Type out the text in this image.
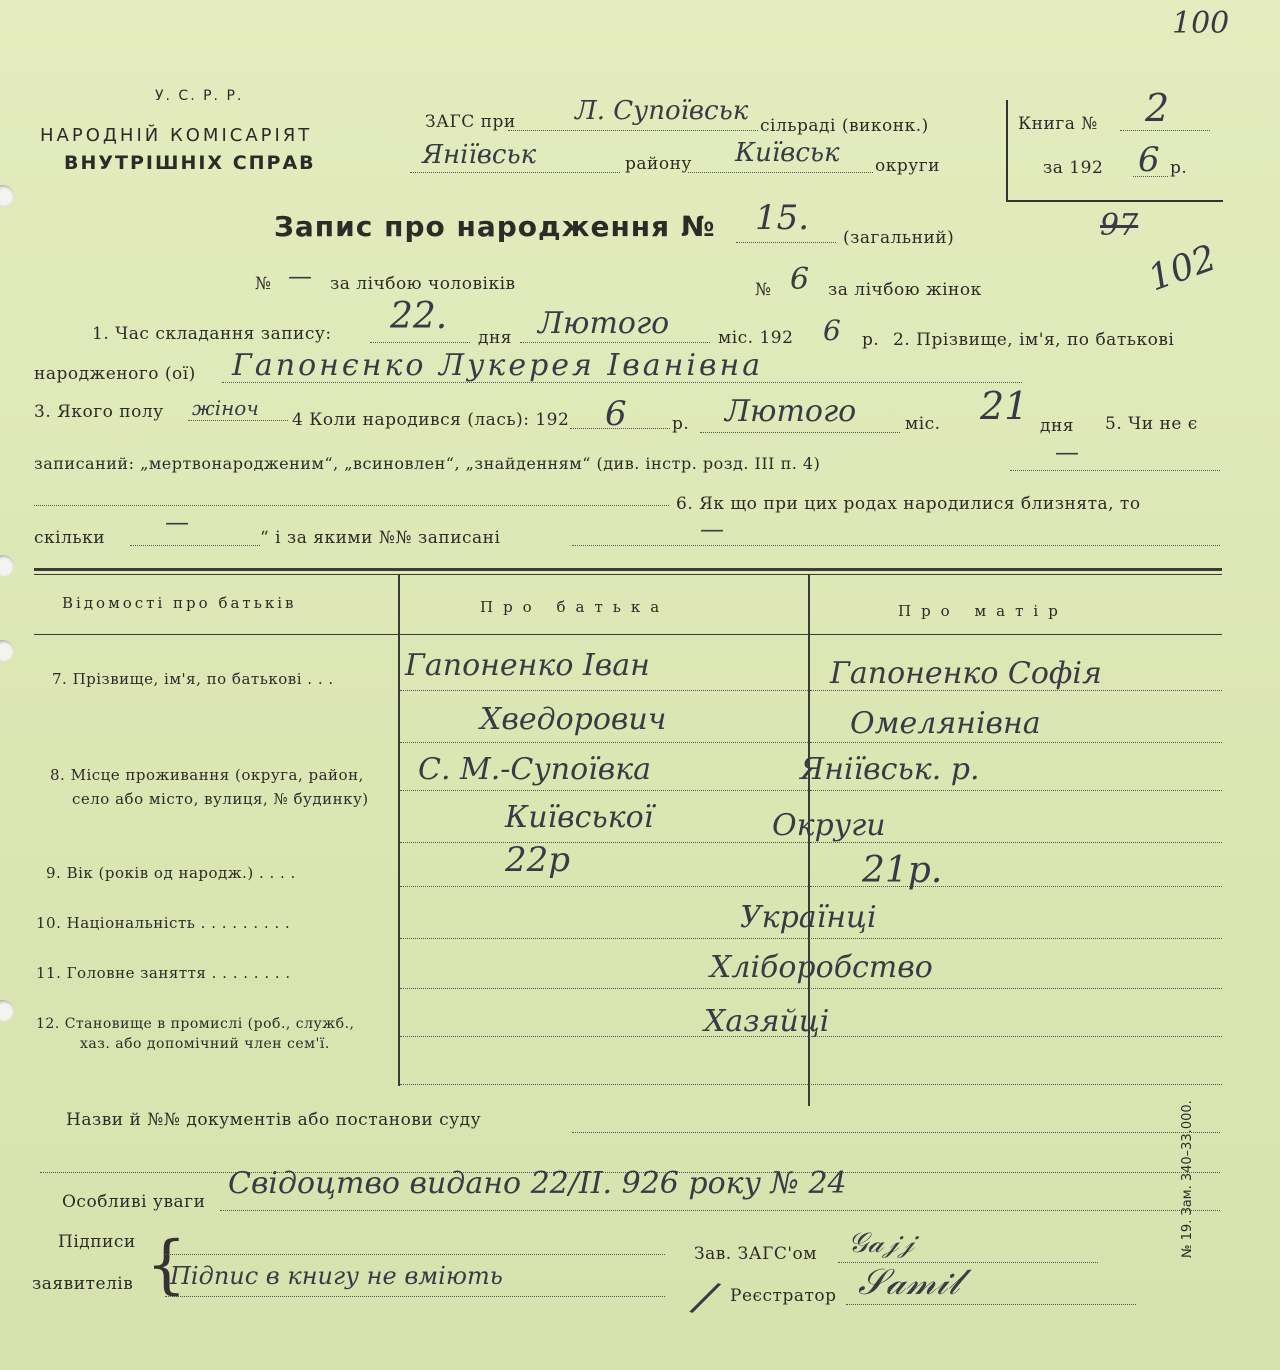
100
У. С. Р. Р.
НАРОДНІЙ КОМІСАРІЯТ
ВНУТРІШНІХ СПРАВ
ЗАГС при Л. Супоївськ сільраді (виконк.)
Яніївськ	району Київськ округи
Книга № 2
за 192 6 р.
Запис про народження № 15. (загальний)	97
102
№ — за лічбою чоловіків	№ 6 за лічбою жінок
1. Час складання запису: 22.
дня Лютого	міс. 192 6 р. 2. Прізвище, ім'я, по батькові
народженого (ої) Гапонєнко Лукерея Іванівна
3. Якого полу жіноч 4 Коли народився (лась): 192 6	р. Лютого	міс. 21 дня 5. Чи не є
записаний: „мертвонародженим“, „всиновлен“, „знайденням“ (див. інстр. розд. III п. 4)	—
6. Як що при цих родах народилися близнята, то
скільки
—
“ і за якими №№ записані	—
Відомості про батьків	Про батька	Про матір
7. Прізвище, ім'я, по батькові . . . Гапоненко Іван	Гапоненко Софія
Хведорович	Омелянівна
8. Місце проживання (округа, район,
село або місто, вулиця, № будинку)
С. М.-Супоївка	Яніївськ. р.
Київської	Округи
9. Вік (років од народж.) . . . .	22р	21р.
10. Національність . . . . . . . . .	Українці
11. Головне заняття . . . . . . . .	Хліборобство
12. Становище в промислі (роб., служб.,
хаз. або допомічний член сем'ї.
Хазяйці
Назви й №№ документів або постанови суду
Особливі уваги
Свідоцтво видано 22/II. 926 року № 24
Підписи
заявителів {
Підпис в книгу не вміють	/
Зав. ЗАГС'ом 𝒢𝒶𝒿𝒿
Реєстратор 𝒮𝒶𝓂𝒾𝓁
№ 19. Зам. 340–33.000.
